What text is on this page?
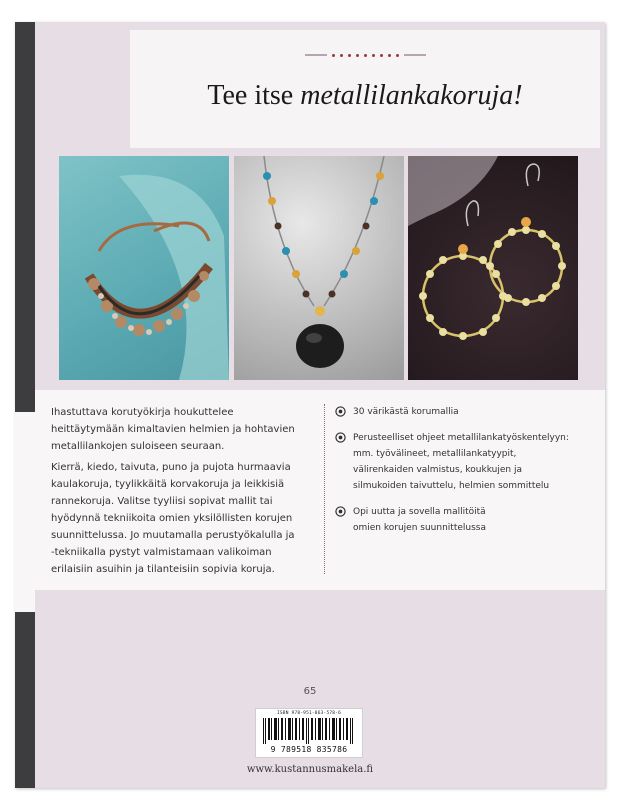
Tee itse metallilankakoruja!

Ihastuttava korutyökirja houkuttelee heittäytymään kimaltavien helmien ja hohtavien metallilankojen suloiseen seuraan.

Kierrä, kiedo, taivuta, puno ja pujota hurmaavia kaulakoruja, tyylikkäitä korvakoruja ja leikkisiä rannekoruja. Valitse tyyliisi sopivat mallit tai hyödynnä tekniikoita omien yksilöllisten korujen suunnittelussa. Jo muutamalla perustyökalulla ja -tekniikalla pystyt valmistamaan valikoiman erilaisiin asuihin ja tilanteisiin sopivia koruja.

30 värikästä korumallia
Perusteelliset ohjeet metallilankatyöskentelyyn:
mm. työvälineet, metallilankatyypit,
välirenkaiden valmistus, koukkujen ja
silmukoiden taivuttelu, helmien sommittelu
Opi uutta ja sovella mallitöitä
omien korujen suunnittelussa
65
ISBN 978-951-863-578-6
9 789518 835786
www.kustannusmakela.fi
